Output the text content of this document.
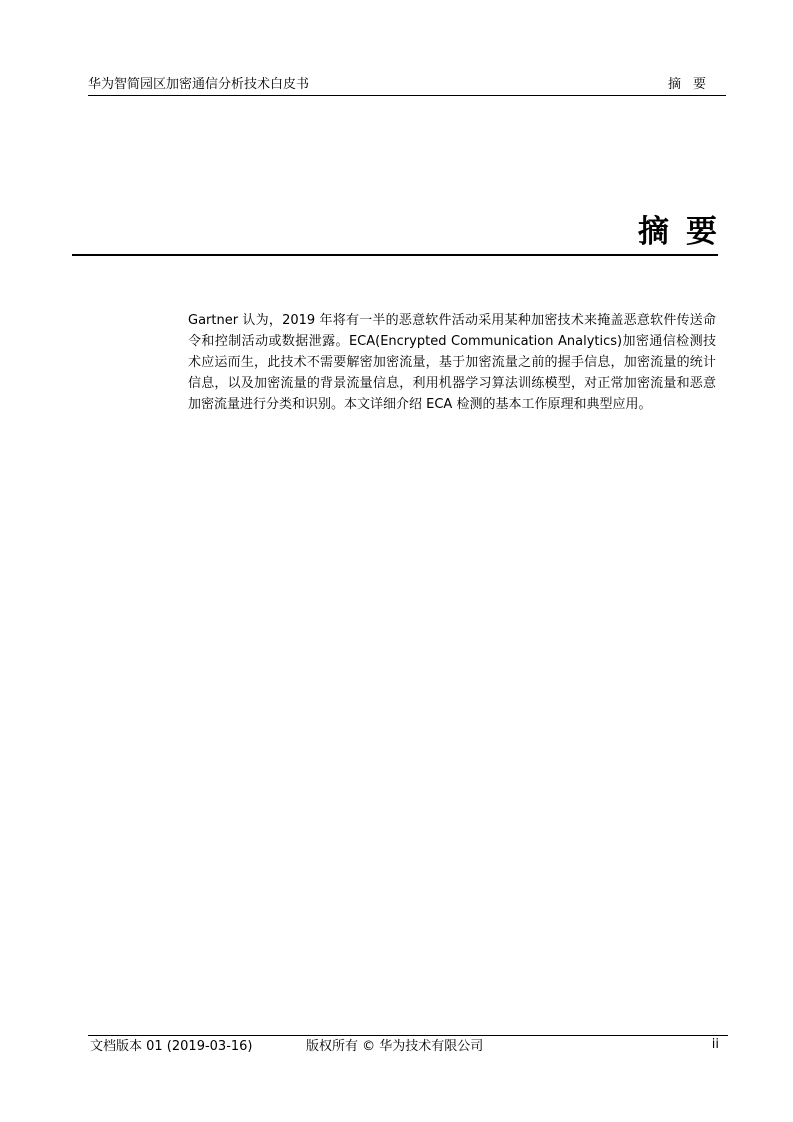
华为智简园区加密通信分析技术白皮书	摘要
摘要

Gartner 认为，2019 年将有一半的恶意软件活动采用某种加密技术来掩盖恶意软件传送命令和控制活动或数据泄露。ECA(Encrypted Communication Analytics)加密通信检测技术应运而生，此技术不需要解密加密流量，基于加密流量之前的握手信息，加密流量的统计信息，以及加密流量的背景流量信息，利用机器学习算法训练模型，对正常加密流量和恶意加密流量进行分类和识别。本文详细介绍 ECA 检测的基本工作原理和典型应用。

文档版本 01 (2019-03-16)	版权所有 © 华为技术有限公司	ii
